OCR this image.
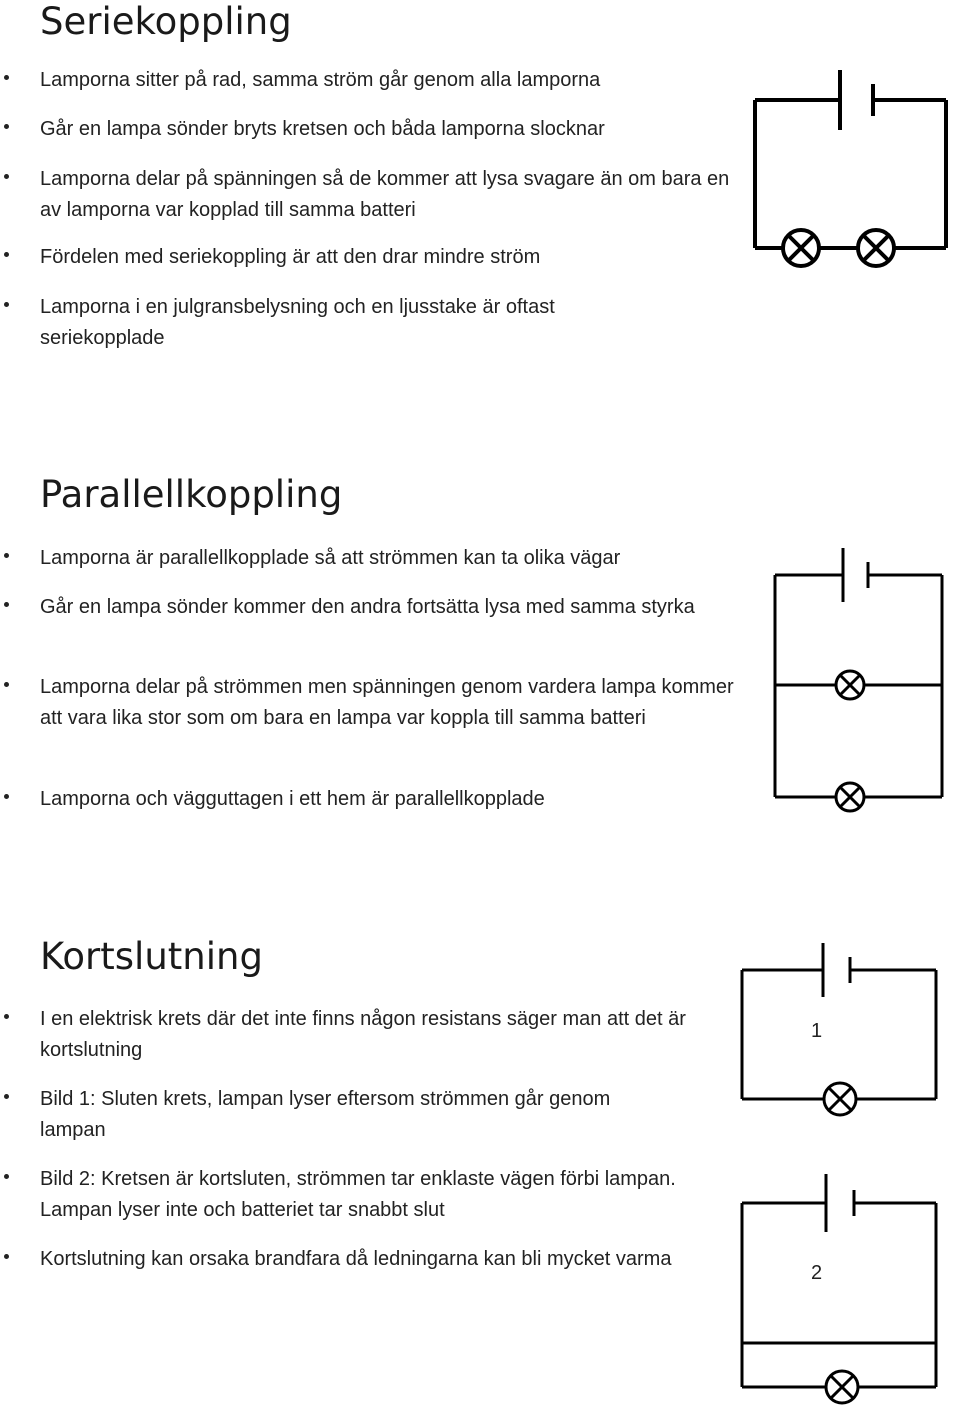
Seriekoppling
Lamporna sitter på rad, samma ström går genom alla lamporna
Går en lampa sönder bryts kretsen och båda lamporna slocknar
Lamporna delar på spänningen så de kommer att lysa svagare än om bara en av lamporna var kopplad till samma batteri
Fördelen med seriekoppling är att den drar mindre ström
Lamporna i en julgransbelysning och en ljusstake är oftast seriekopplade
Parallellkoppling
Lamporna är parallellkopplade så att strömmen kan ta olika vägar
Går en lampa sönder kommer den andra fortsätta lysa med samma styrka
Lamporna delar på strömmen men spänningen genom vardera lampa kommer att vara lika stor som om bara en lampa var koppla till samma batteri
Lamporna och vägguttagen i ett hem är parallellkopplade
Kortslutning
I en elektrisk krets där det inte finns någon resistans säger man att det är kortslutning
Bild 1: Sluten krets, lampan lyser eftersom strömmen går genom lampan
Bild 2: Kretsen är kortsluten, strömmen tar enklaste vägen förbi lampan. Lampan lyser inte och batteriet tar snabbt slut
Kortslutning kan orsaka brandfara då ledningarna kan bli mycket varma
1
2
